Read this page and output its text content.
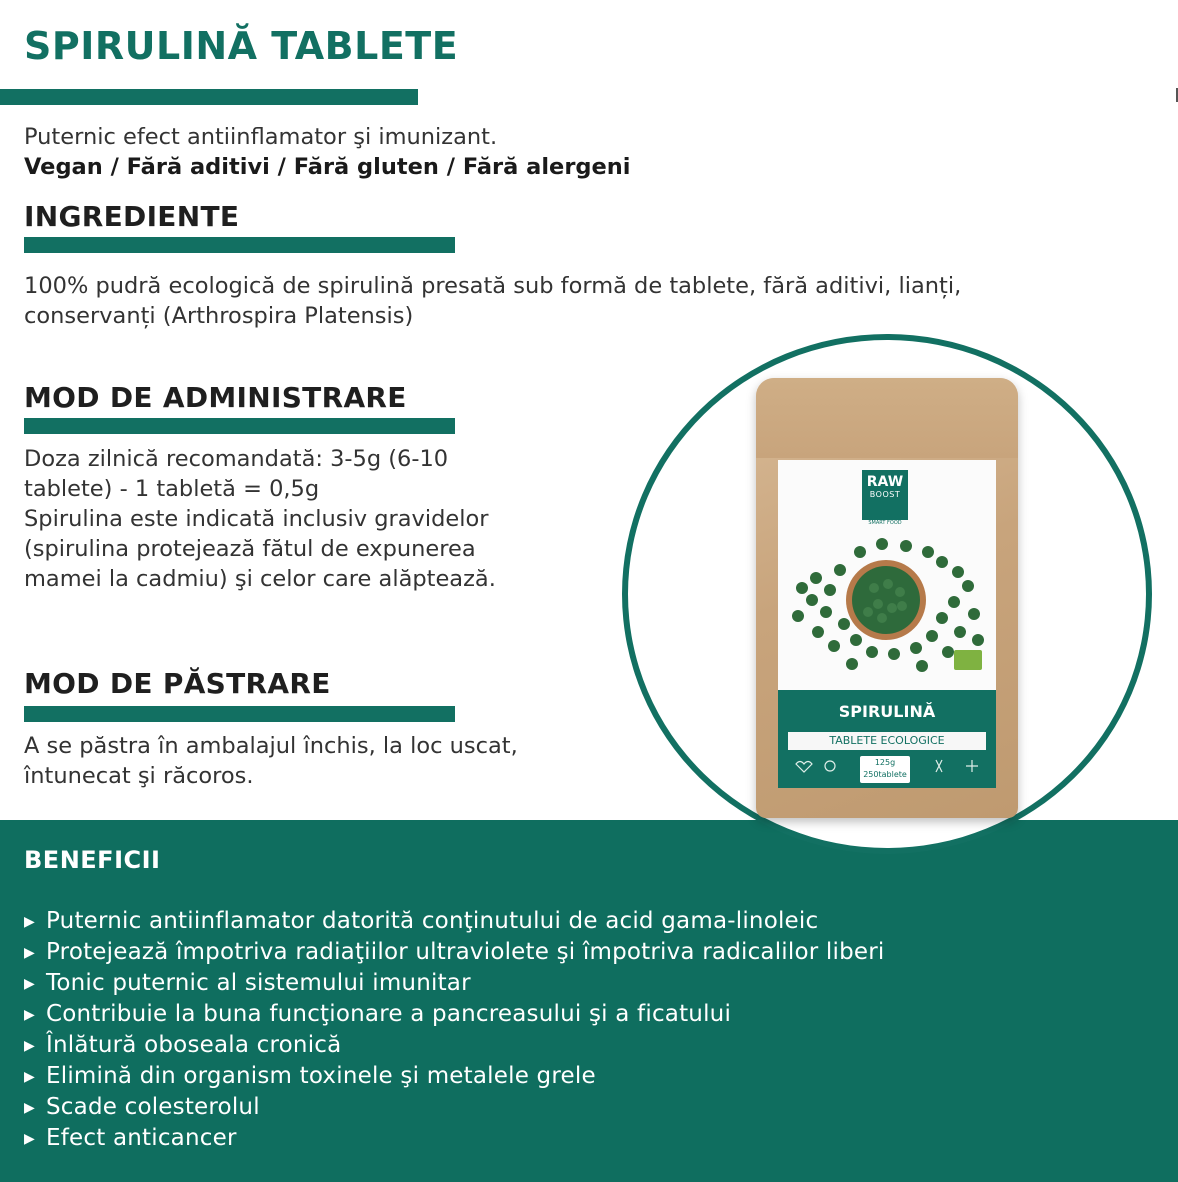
SPIRULINĂ TABLETE
Puternic efect antiinflamator şi imunizant.
Vegan / Fără aditivi / Fără gluten / Fără alergeni
INGREDIENTE
100% pudră ecologică de spirulină presată sub formă de tablete, fără aditivi, lianți,
conservanți (Arthrospira Platensis)
MOD DE ADMINISTRARE
Doza zilnică recomandată: 3-5g (6-10
tablete) - 1 tabletă = 0,5g
Spirulina este indicată inclusiv gravidelor
(spirulina protejează fătul de expunerea
mamei la cadmiu) şi celor care alăptează.
MOD DE PĂSTRARE
A se păstra în ambalajul închis, la loc uscat,
întunecat şi răcoros.
BENEFICII
▶ Puternic antiinflamator datorită conţinutului de acid gama-linoleic
▶ Protejează împotriva radiaţiilor ultraviolete şi împotriva radicalilor liberi
▶ Tonic puternic al sistemului imunitar
▶ Contribuie la buna funcţionare a pancreasului şi a ficatului
▶ Înlătură oboseala cronică
▶ Elimină din organism toxinele şi metalele grele
▶ Scade colesterolul
▶ Efect anticancer
RAW
BOOST
SMART FOOD
SPIRULINĂ
TABLETE ECOLOGICE
125g
250tablete
